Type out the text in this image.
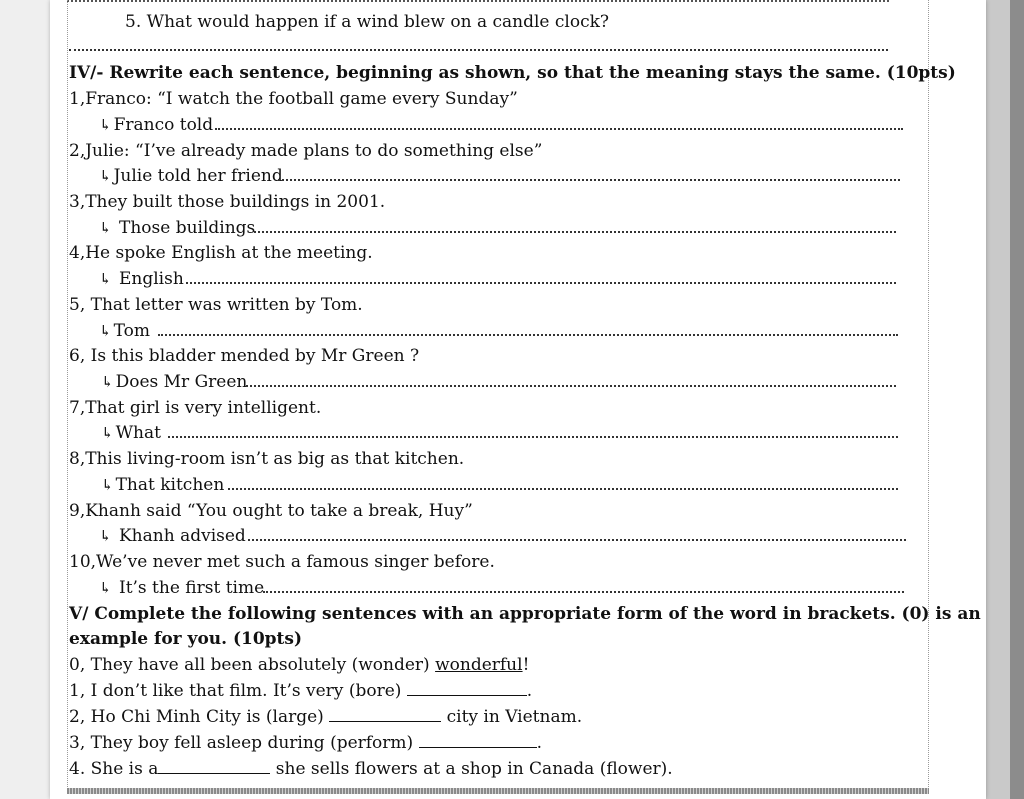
5. What would happen if a wind blew on a candle clock?
IV/- Rewrite each sentence, beginning as shown, so that the meaning stays the same. (10pts)
1,Franco: “I watch the football game every Sunday”
↳ Franco told
2,Julie: “I’ve already made plans to do something else”
↳ Julie told her friend
3,They built those buildings in 2001.
↳ Those buildings
4,He spoke English at the meeting.
↳ English
5, That letter was written by Tom.
↳ Tom
6, Is this bladder mended by Mr Green ?
↳ Does Mr Green
7,That girl is very intelligent.
↳ What
8,This living-room isn’t as big as that kitchen.
↳ That kitchen
9,Khanh said “You ought to take a break, Huy”
↳ Khanh advised
10,We’ve never met such a famous singer before.
↳ It’s the first time
V/ Complete the following sentences with an appropriate form of the word in brackets. (0) is an
example for you. (10pts)
0, They have all been absolutely (wonder) wonderful!
1, I don’t like that film. It’s very (bore)	.
2, Ho Chi Minh City is (large)	city in Vietnam.
3, They boy fell asleep during (perform)	.
4. She is a	she sells flowers at a shop in Canada (flower).
